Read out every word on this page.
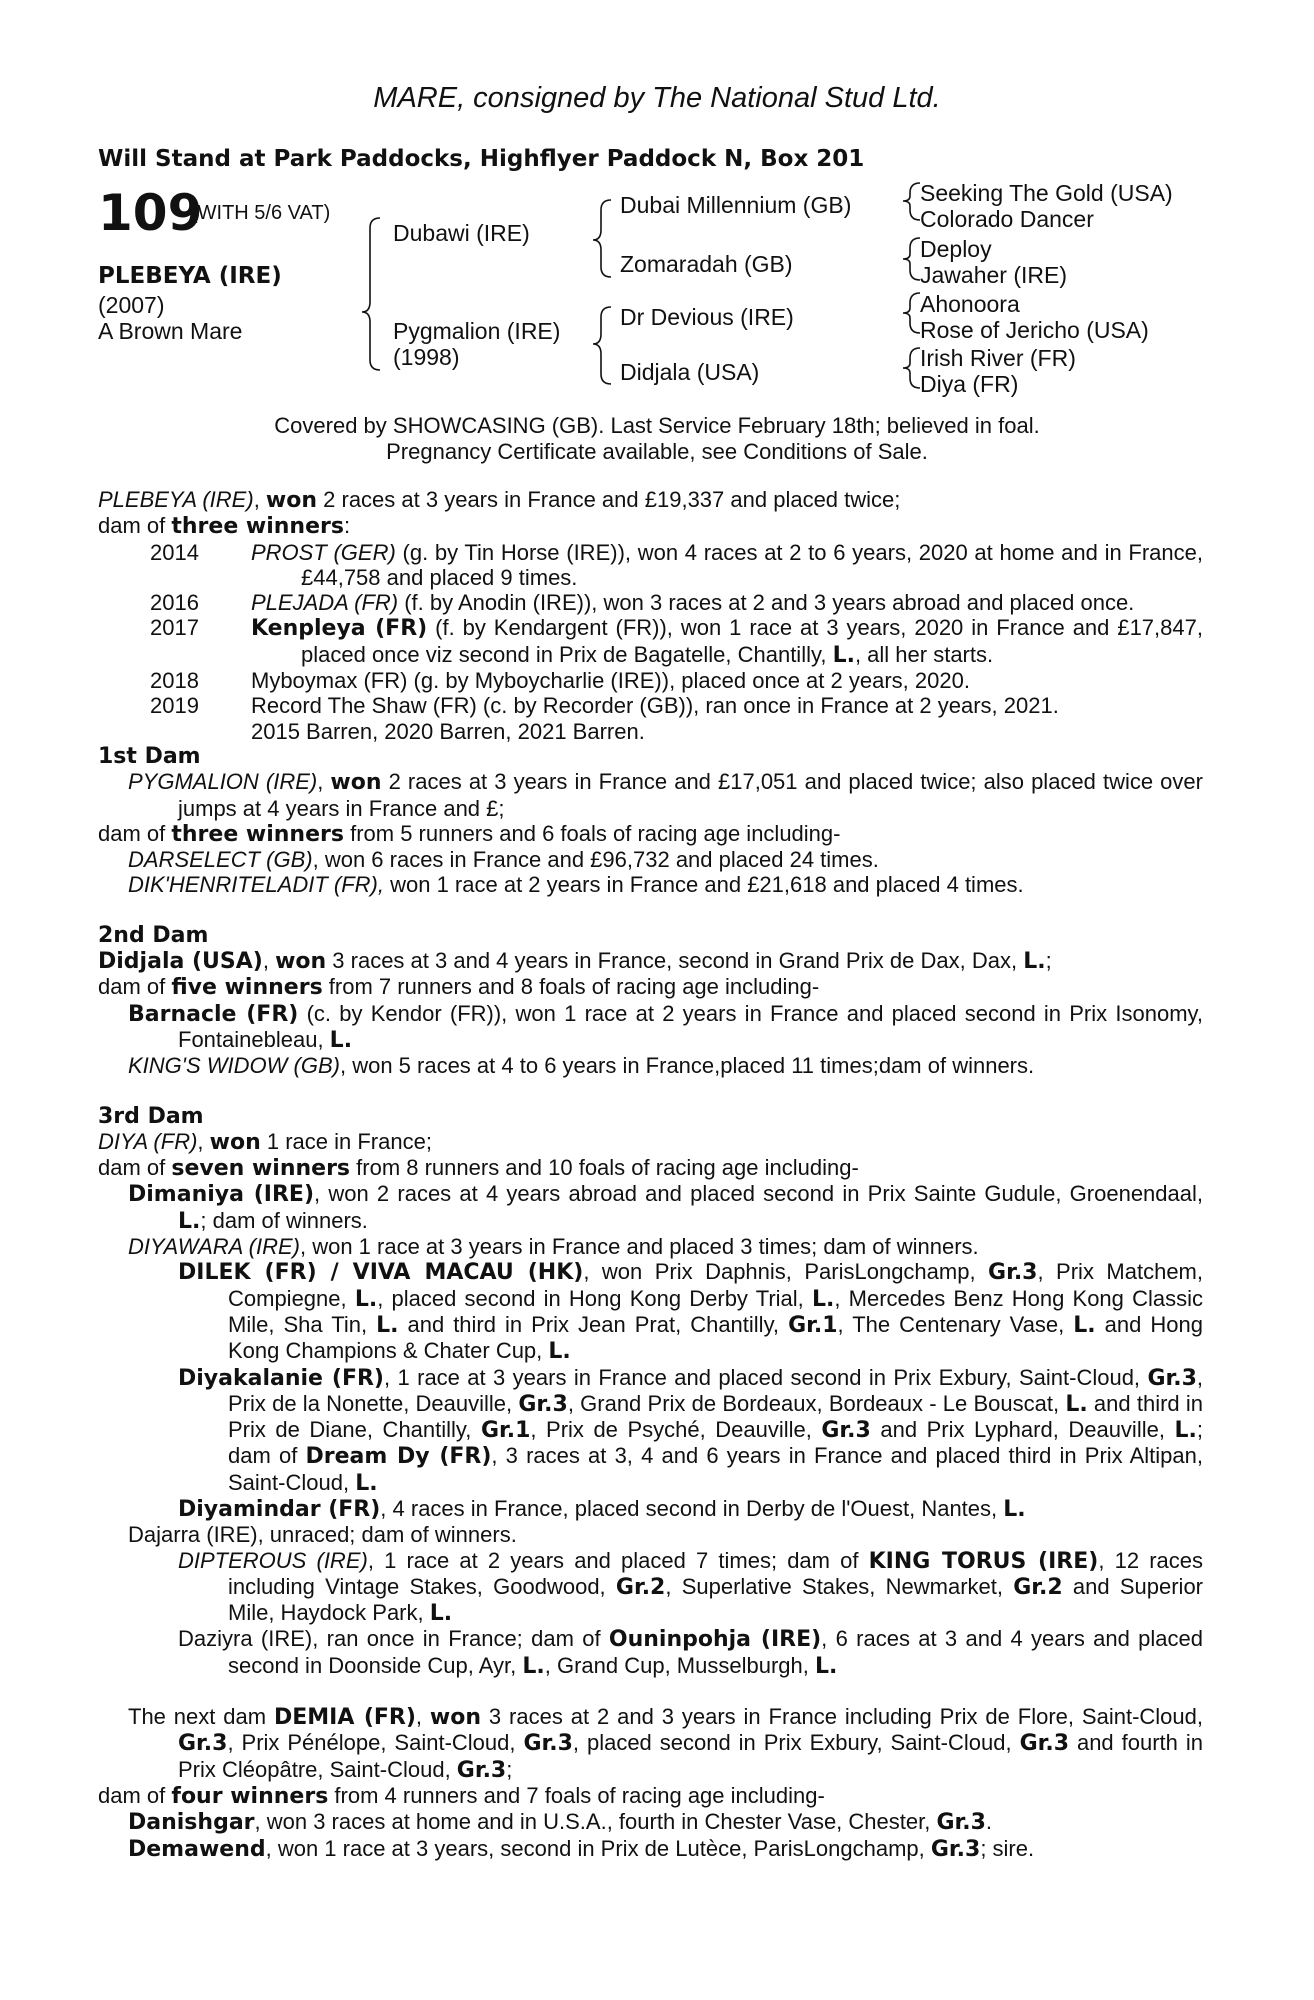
MARE, consigned by The National Stud Ltd.
Will Stand at Park Paddocks, Highflyer Paddock N, Box 201
109
(WITH 5/6 VAT)
PLEBEYA (IRE)
(2007)
A Brown Mare
Dubawi (IRE)
Pygmalion (IRE)
(1998)
Dubai Millennium (GB)
Zomaradah (GB)
Dr Devious (IRE)
Didjala (USA)
Seeking The Gold (USA)
Colorado Dancer
Deploy
Jawaher (IRE)
Ahonoora
Rose of Jericho (USA)
Irish River (FR)
Diya (FR)
Covered by SHOWCASING (GB). Last Service February 18th; believed in foal.
Pregnancy Certificate available, see Conditions of Sale.

PLEBEYA (IRE), won 2 races at 3 years in France and £19,337 and placed twice;

dam of three winners:

2014 PROST (GER) (g. by Tin Horse (IRE)), won 4 races at 2 to 6 years, 2020 at home and in France, £44,758 and placed 9 times.
2016 PLEJADA (FR) (f. by Anodin (IRE)), won 3 races at 2 and 3 years abroad and placed once.
2017 Kenpleya (FR) (f. by Kendargent (FR)), won 1 race at 3 years, 2020 in France and £17,847, placed once viz second in Prix de Bagatelle, Chantilly, L., all her starts.
2018 Myboymax (FR) (g. by Myboycharlie (IRE)), placed once at 2 years, 2020.
2019 Record The Shaw (FR) (c. by Recorder (GB)), ran once in France at 2 years, 2021.

2015 Barren, 2020 Barren, 2021 Barren.

1st Dam

PYGMALION (IRE), won 2 races at 3 years in France and £17,051 and placed twice; also placed twice over jumps at 4 years in France and £;

dam of three winners from 5 runners and 6 foals of racing age including-

DARSELECT (GB), won 6 races in France and £96,732 and placed 24 times.

DIK'HENRITELADIT (FR), won 1 race at 2 years in France and £21,618 and placed 4 times.

2nd Dam

Didjala (USA), won 3 races at 3 and 4 years in France, second in Grand Prix de Dax, Dax, L.;

dam of five winners from 7 runners and 8 foals of racing age including-

Barnacle (FR) (c. by Kendor (FR)), won 1 race at 2 years in France and placed second in Prix Isonomy, Fontainebleau, L.

KING'S WIDOW (GB), won 5 races at 4 to 6 years in France,placed 11 times;dam of winners.

3rd Dam

DIYA (FR), won 1 race in France;

dam of seven winners from 8 runners and 10 foals of racing age including-

Dimaniya (IRE), won 2 races at 4 years abroad and placed second in Prix Sainte Gudule, Groenendaal, L.; dam of winners.

DIYAWARA (IRE), won 1 race at 3 years in France and placed 3 times; dam of winners.

DILEK (FR) / VIVA MACAU (HK), won Prix Daphnis, ParisLongchamp, Gr.3, Prix Matchem, Compiegne, L., placed second in Hong Kong Derby Trial, L., Mercedes Benz Hong Kong Classic Mile, Sha Tin, L. and third in Prix Jean Prat, Chantilly, Gr.1, The Centenary Vase, L. and Hong Kong Champions & Chater Cup, L.

Diyakalanie (FR), 1 race at 3 years in France and placed second in Prix Exbury, Saint-Cloud, Gr.3, Prix de la Nonette, Deauville, Gr.3, Grand Prix de Bordeaux, Bordeaux - Le Bouscat, L. and third in Prix de Diane, Chantilly, Gr.1, Prix de Psyché, Deauville, Gr.3 and Prix Lyphard, Deauville, L.; dam of Dream Dy (FR), 3 races at 3, 4 and 6 years in France and placed third in Prix Altipan, Saint-Cloud, L.

Diyamindar (FR), 4 races in France, placed second in Derby de l'Ouest, Nantes, L.

Dajarra (IRE), unraced; dam of winners.

DIPTEROUS (IRE), 1 race at 2 years and placed 7 times; dam of KING TORUS (IRE), 12 races including Vintage Stakes, Goodwood, Gr.2, Superlative Stakes, Newmarket, Gr.2 and Superior Mile, Haydock Park, L.

Daziyra (IRE), ran once in France; dam of Ouninpohja (IRE), 6 races at 3 and 4 years and placed second in Doonside Cup, Ayr, L., Grand Cup, Musselburgh, L.

The next dam DEMIA (FR), won 3 races at 2 and 3 years in France including Prix de Flore, Saint-Cloud, Gr.3, Prix Pénélope, Saint-Cloud, Gr.3, placed second in Prix Exbury, Saint-Cloud, Gr.3 and fourth in Prix Cléopâtre, Saint-Cloud, Gr.3;

dam of four winners from 4 runners and 7 foals of racing age including-

Danishgar, won 3 races at home and in U.S.A., fourth in Chester Vase, Chester, Gr.3.

Demawend, won 1 race at 3 years, second in Prix de Lutèce, ParisLongchamp, Gr.3; sire.
